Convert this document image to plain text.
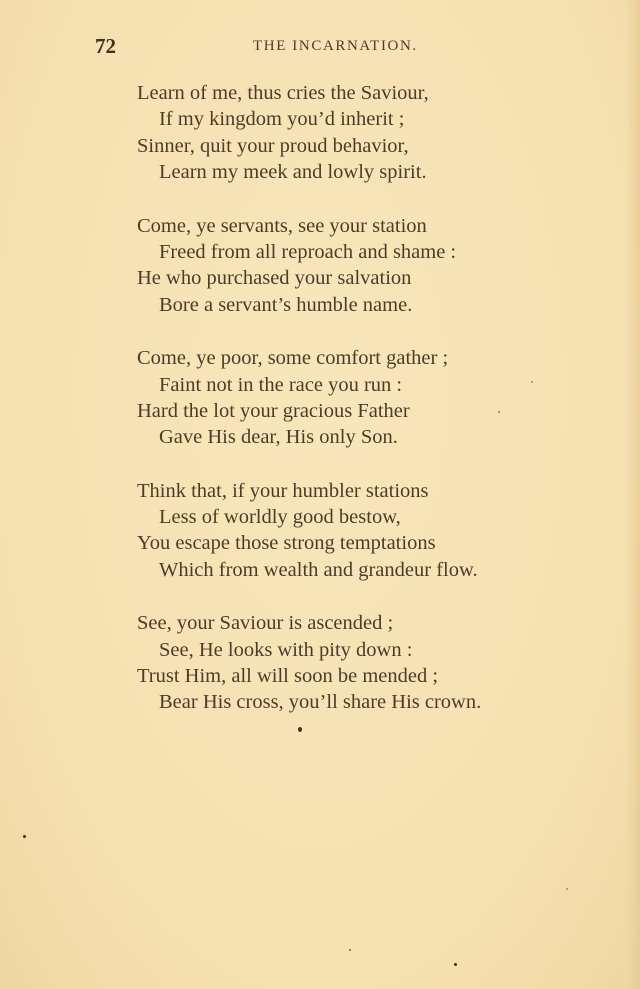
72	THE INCARNATION.
Learn of me, thus cries the Saviour,
If my kingdom you’d inherit ;
Sinner, quit your proud behavior,
Learn my meek and lowly spirit.
Come, ye servants, see your station
Freed from all reproach and shame :
He who purchased your salvation
Bore a servant’s humble name.
Come, ye poor, some comfort gather ;
Faint not in the race you run :
Hard the lot your gracious Father
Gave His dear, His only Son.
Think that, if your humbler stations
Less of worldly good bestow,
You escape those strong temptations
Which from wealth and grandeur flow.
See, your Saviour is ascended ;
See, He looks with pity down :
Trust Him, all will soon be mended ;
Bear His cross, you’ll share His crown.
